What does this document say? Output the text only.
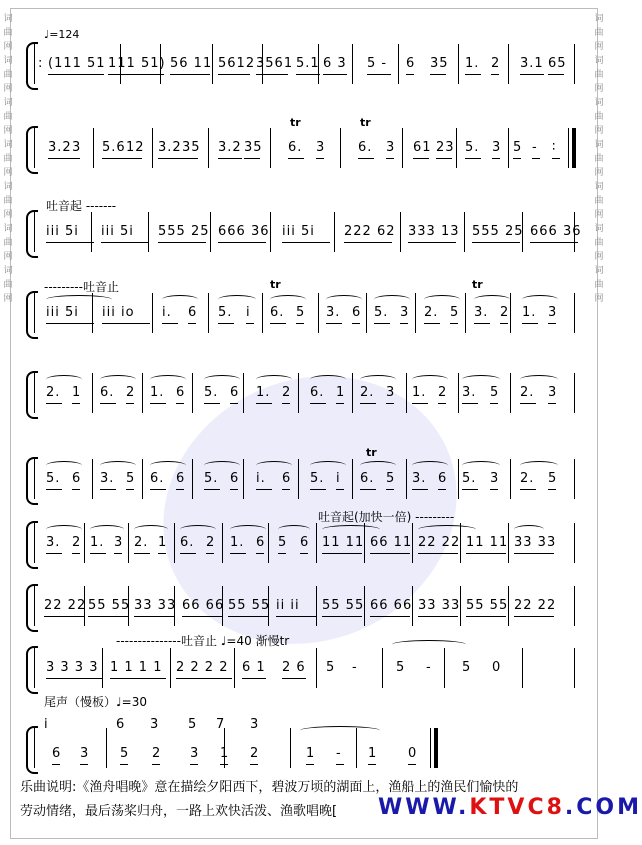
词曲网词曲网词曲网词曲网词曲网词曲网词曲网
词曲网词曲网词曲网词曲网词曲网词曲网词曲网
♩=124
: (111 51 111 51) 56 11 5612 3561 5.1 6 3 5 - 6 35 1. 2 3.1 65
3.2 3 5.6 12 3.2 35 3.2 35 6. 3	6. 3 61 23 5. 3 5 - ∶
iii 5i iii 5i 555 25 666 36 iii 5i 222 62 333 13 555 25 666 36
iii 5i iii io i. 6 5. i 6. 5 3. 6 5. 3 2. 5 3. 2 1. 3
2. 1 6. 2 1. 6 5. 6 1. 2 6. 1 2. 3 1. 2 3. 5 2. 3
5. 6 3. 5 6. 6 5. 6 i. 6 5. i 6. 5 3. 6 5. 3 2. 5
3. 2 1. 3 2. 1 6. 2 1. 6 5 6 11 11 66 11 22 22 11 11 33 33
22 22 55 55 33 33 66 66 55 55 ii ii 55 55 66 66 33 33 55 55 22 22
3 3 3 3 1 1 1 1 2 2 2 2 6 1 2 6 5 -	5 - 5 0
6 3 5 2 3 1 2	1 - 1 0
i	6 3 5 7 3
吐音起 -------
---------吐音止
吐音起(加快一倍) ---------
---------------吐音止 ♩=40 渐慢tr
尾声（慢板）♩=30
tr	tr
tr	tr
tr
乐曲说明:《渔舟唱晚》意在描绘夕阳西下，碧波万顷的湖面上，渔船上的渔民们愉快的
劳动情绪，最后荡桨归舟，一路上欢快活泼、渔歌唱晚[	WWW.KTVC8.COM
